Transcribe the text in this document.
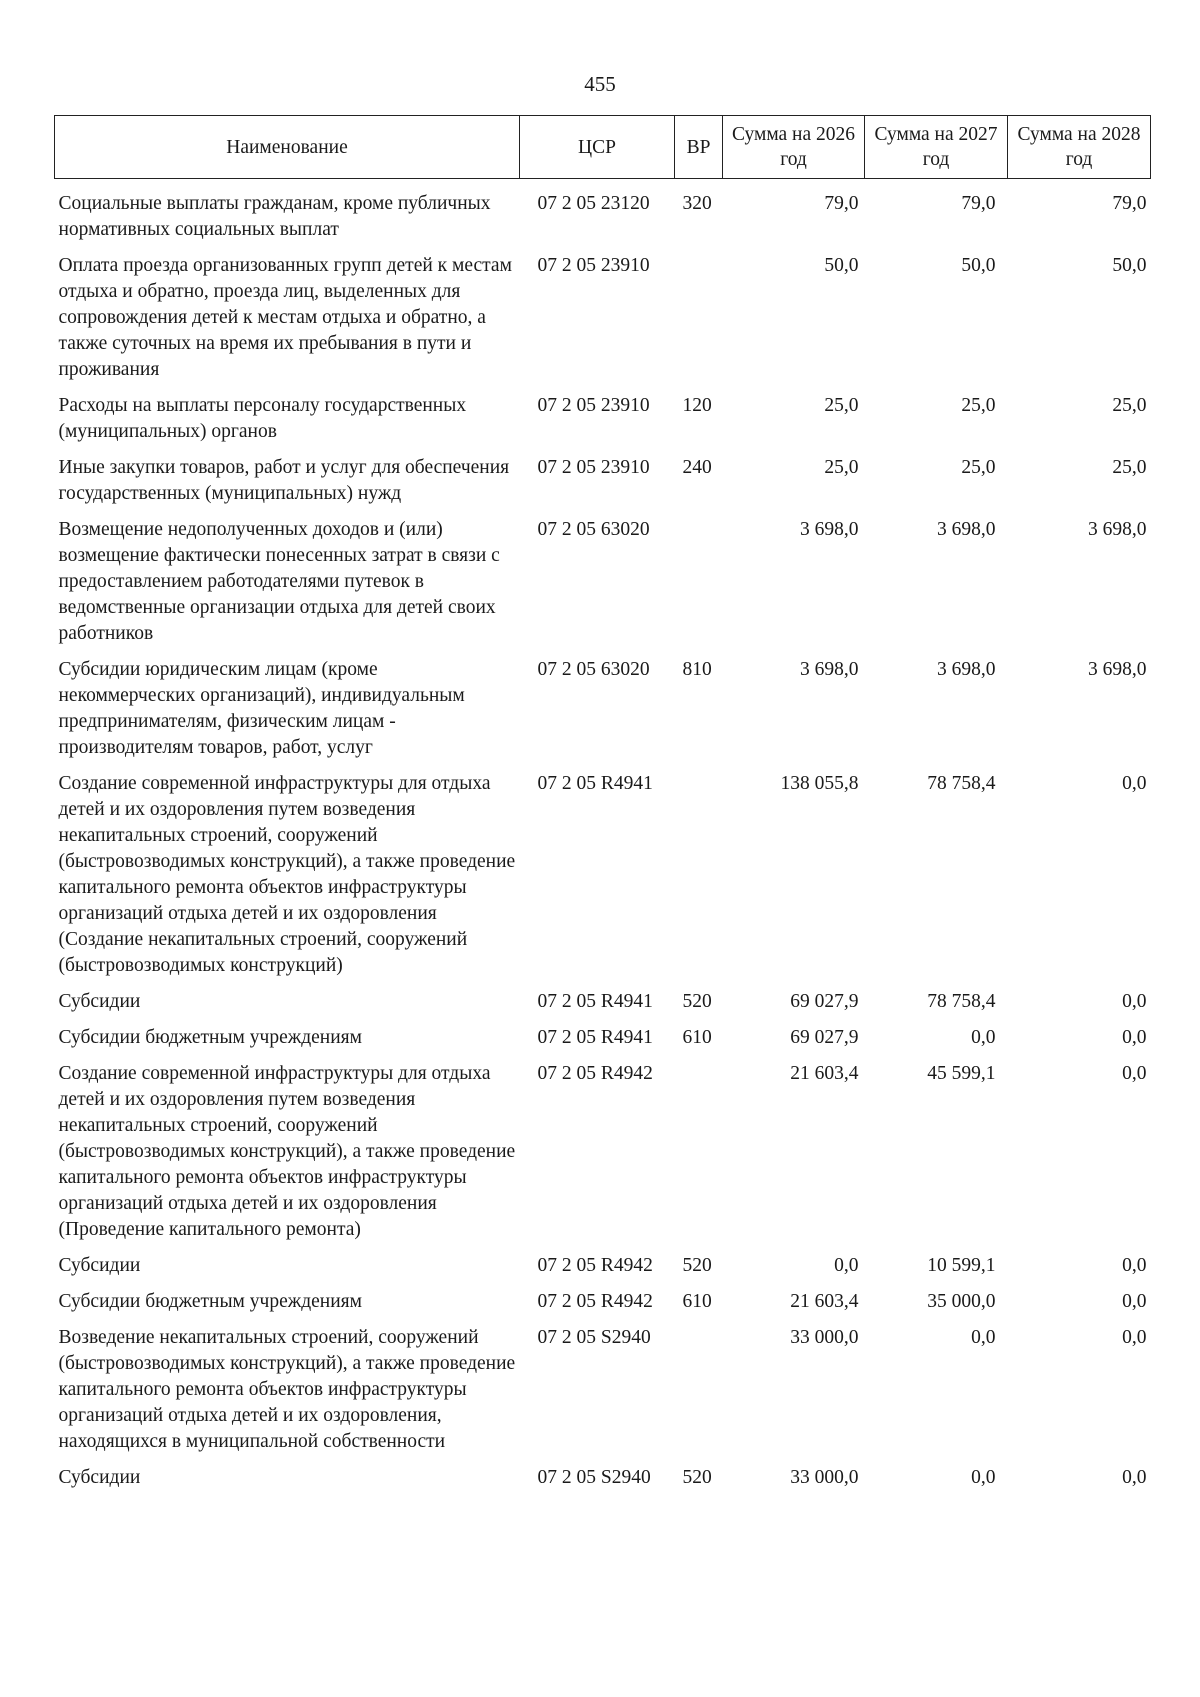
455
Наименование	ЦСР	ВР	Сумма на 2026 год	Сумма на 2027 год	Сумма на 2028 год
Социальные выплаты гражданам, кроме публичных нормативных социальных выплат	07 2 05 23120	320	79,0	79,0	79,0
Оплата проезда организованных групп детей к местам отдыха и обратно, проезда лиц, выделенных для сопровождения детей к местам отдыха и обратно, а также суточных на время их пребывания в пути и проживания	07 2 05 23910		50,0	50,0	50,0
Расходы на выплаты персоналу государственных (муниципальных) органов	07 2 05 23910	120	25,0	25,0	25,0
Иные закупки товаров, работ и услуг для обеспечения государственных (муниципальных) нужд	07 2 05 23910	240	25,0	25,0	25,0
Возмещение недополученных доходов и (или) возмещение фактически понесенных затрат в связи с предоставлением работодателями путевок в ведомственные организации отдыха для детей своих работников	07 2 05 63020		3 698,0	3 698,0	3 698,0
Субсидии юридическим лицам (кроме некоммерческих организаций), индивидуальным предпринимателям, физическим лицам - производителям товаров, работ, услуг	07 2 05 63020	810	3 698,0	3 698,0	3 698,0
Создание современной инфраструктуры для отдыха детей и их оздоровления путем возведения некапитальных строений, сооружений (быстровозводимых конструкций), а также проведение капитального ремонта объектов инфраструктуры организаций отдыха детей и их оздоровления (Создание некапитальных строений, сооружений (быстровозводимых конструкций)	07 2 05 R4941		138 055,8	78 758,4	0,0
Субсидии	07 2 05 R4941	520	69 027,9	78 758,4	0,0
Субсидии бюджетным учреждениям	07 2 05 R4941	610	69 027,9	0,0	0,0
Создание современной инфраструктуры для отдыха детей и их оздоровления путем возведения некапитальных строений, сооружений (быстровозводимых конструкций), а также проведение капитального ремонта объектов инфраструктуры организаций отдыха детей и их оздоровления (Проведение капитального ремонта)	07 2 05 R4942		21 603,4	45 599,1	0,0
Субсидии	07 2 05 R4942	520	0,0	10 599,1	0,0
Субсидии бюджетным учреждениям	07 2 05 R4942	610	21 603,4	35 000,0	0,0
Возведение некапитальных строений, сооружений (быстровозводимых конструкций), а также проведение капитального ремонта объектов инфраструктуры организаций отдыха детей и их оздоровления, находящихся в муниципальной собственности	07 2 05 S2940		33 000,0	0,0	0,0
Субсидии	07 2 05 S2940	520	33 000,0	0,0	0,0
